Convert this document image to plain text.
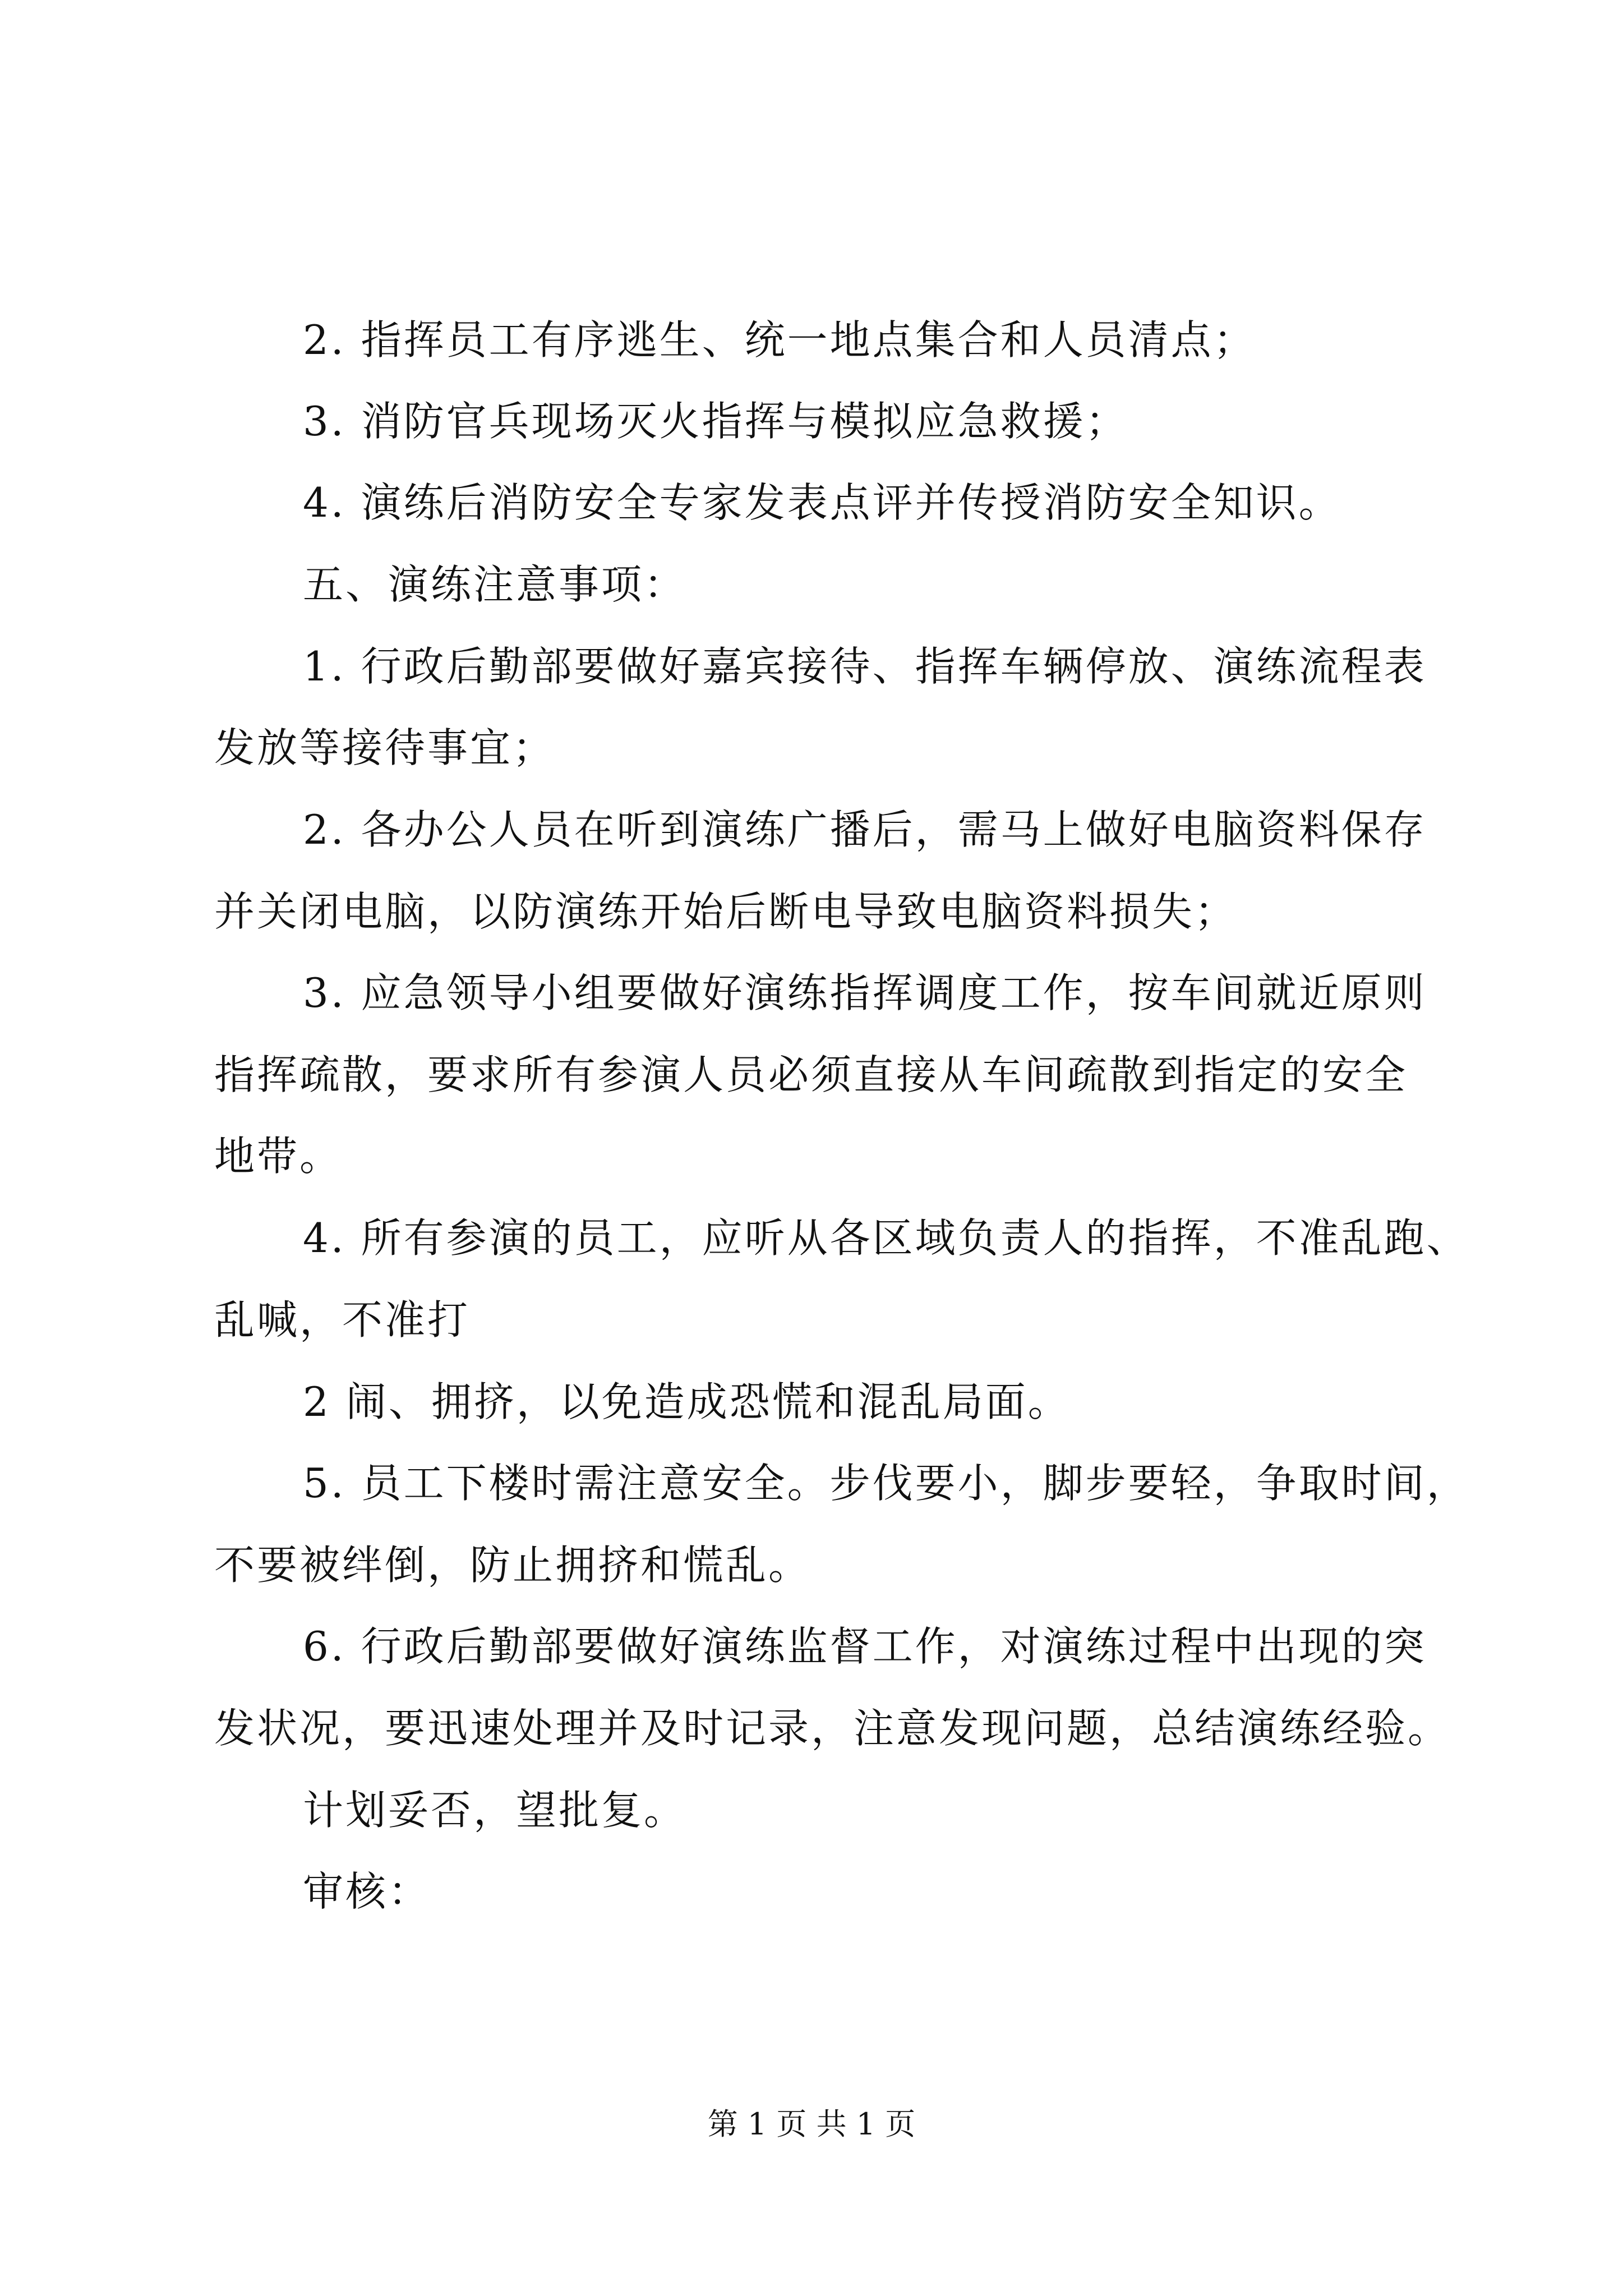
2. 指挥员工有序逃生、统一地点集合和人员清点；

3. 消防官兵现场灭火指挥与模拟应急救援；

4. 演练后消防安全专家发表点评并传授消防安全知识。

五、演练注意事项：

1. 行政后勤部要做好嘉宾接待、指挥车辆停放、演练流程表

发放等接待事宜；

2. 各办公人员在听到演练广播后，需马上做好电脑资料保存

并关闭电脑，以防演练开始后断电导致电脑资料损失；

3. 应急领导小组要做好演练指挥调度工作，按车间就近原则

指挥疏散，要求所有参演人员必须直接从车间疏散到指定的安全

地带。

4. 所有参演的员工，应听从各区域负责人的指挥，不准乱跑、

乱喊，不准打

2 闹、拥挤，以免造成恐慌和混乱局面。

5. 员工下楼时需注意安全。步伐要小，脚步要轻，争取时间，

不要被绊倒，防止拥挤和慌乱。

6. 行政后勤部要做好演练监督工作，对演练过程中出现的突

发状况，要迅速处理并及时记录，注意发现问题，总结演练经验。

计划妥否，望批复。

审核：

第 1 页 共 1 页
